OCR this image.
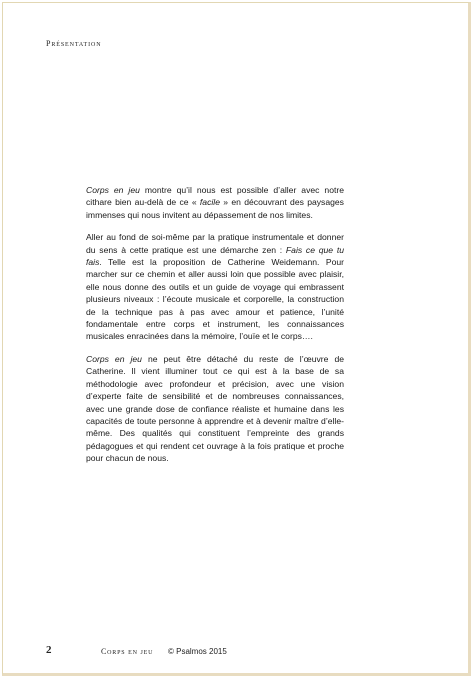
Présentation

Corps en jeu montre qu’il nous est possible d’aller avec notre cithare bien au-delà de ce « facile » en découvrant des paysages immenses qui nous invitent au dépassement de nos limites.

Aller au fond de soi-même par la pratique instrumentale et donner du sens à cette pratique est une démarche zen : Fais ce que tu fais. Telle est la proposition de Catherine Weidemann. Pour marcher sur ce chemin et aller aussi loin que possible avec plaisir, elle nous donne des outils et un guide de voyage qui embrassent plusieurs niveaux : l’écoute musicale et corporelle, la construction de la technique pas à pas avec amour et patience, l’unité fondamentale entre corps et instrument, les connaissances musicales enracinées dans la mémoire, l’ouïe et le corps….

Corps en jeu ne peut être détaché du reste de l’œuvre de Catherine. Il vient illuminer tout ce qui est à la base de sa méthodologie avec profondeur et précision, avec une vision d’experte faite de sensibilité et de nombreuses connaissances, avec une grande dose de confiance réaliste et humaine dans les capacités de toute personne à apprendre et à devenir maître d’elle-même. Des qualités qui constituent l’empreinte des grands pédagogues et qui rendent cet ouvrage à la fois pratique et proche pour chacun de nous.

2	Corps en jeu © Psalmos 2015
